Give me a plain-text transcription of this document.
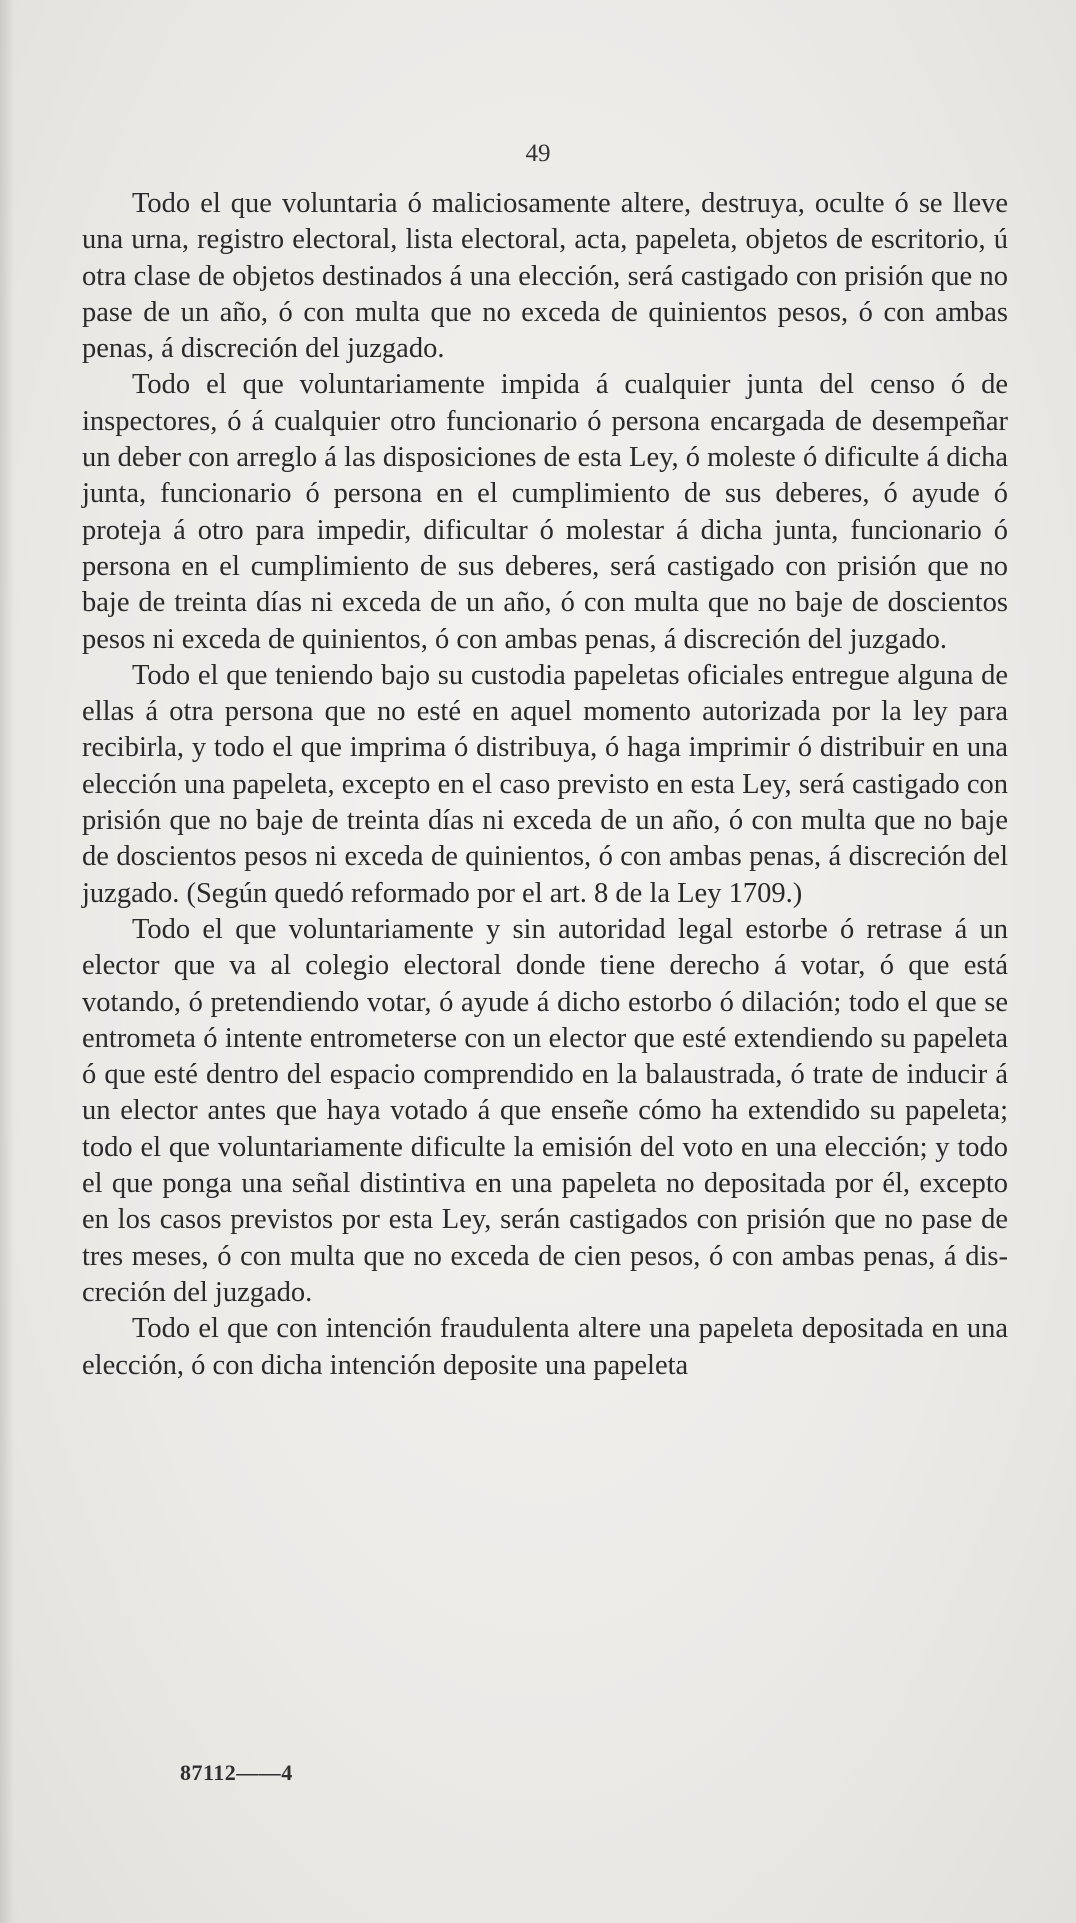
49

Todo el que voluntaria ó maliciosamente altere, destruya, oculte ó se lleve una urna, registro electoral, lista electoral, acta, papeleta, objetos de escritorio, ú otra clase de objetos destinados á una elección, será castigado con prisión que no pase de un año, ó con multa que no exceda de quinientos pesos, ó con ambas penas, á discreción del juzgado.

Todo el que voluntariamente impida á cualquier junta del censo ó de inspectores, ó á cualquier otro funcionario ó persona encargada de desempeñar un deber con arreglo á las disposiciones de esta Ley, ó moleste ó dificulte á dicha junta, funcionario ó persona en el cumplimiento de sus deberes, ó ayude ó proteja á otro para impedir, dificultar ó molestar á dicha junta, funcionario ó persona en el cumplimiento de sus deberes, será castigado con prisión que no baje de treinta días ni exceda de un año, ó con multa que no baje de doscientos pesos ni exceda de quinientos, ó con ambas penas, á discreción del juzgado.

Todo el que teniendo bajo su custodia papeletas oficiales entregue alguna de ellas á otra persona que no esté en aquel momento autorizada por la ley para recibirla, y todo el que imprima ó distribuya, ó haga imprimir ó distribuir en una elección una papeleta, excepto en el caso previsto en esta Ley, será castigado con prisión que no baje de treinta días ni exceda de un año, ó con multa que no baje de doscientos pesos ni exceda de quinientos, ó con ambas penas, á discreción del juzgado. (Según quedó reformado por el art. 8 de la Ley 1709.)

Todo el que voluntariamente y sin autoridad legal estorbe ó retrase á un elector que va al colegio electoral donde tiene derecho á votar, ó que está votando, ó pretendiendo votar, ó ayude á dicho estorbo ó dilación; todo el que se entrometa ó intente entrometerse con un elector que esté extendiendo su papeleta ó que esté dentro del espacio comprendido en la balaustrada, ó trate de inducir á un elector antes que haya votado á que enseñe cómo ha extendido su papeleta; todo el que voluntariamente dificulte la emisión del voto en una elección; y todo el que ponga una señal distintiva en una papeleta no depositada por él, excepto en los casos previstos por esta Ley, serán castigados con prisión que no pase de tres meses, ó con multa que no exceda de cien pesos, ó con ambas penas, á discreción del juzgado.

Todo el que con intención fraudulenta altere una papeleta depositada en una elección, ó con dicha intención deposite una papeleta

87112——4
